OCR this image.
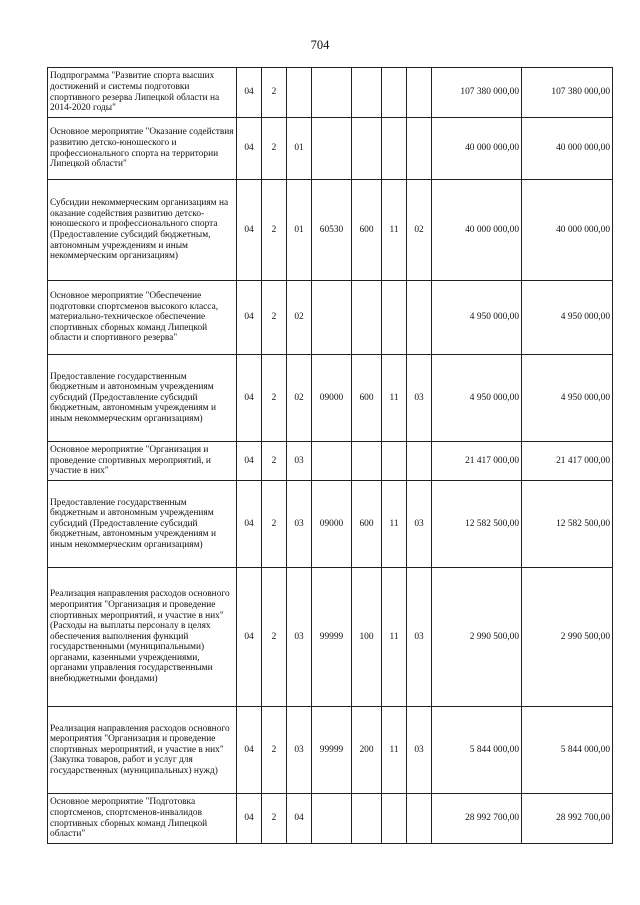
704
Подпрограмма "Развитие спорта высших достижений и системы подготовки спортивного резерва Липецкой области на 2014-2020 годы"	04	2						107 380 000,00	107 380 000,00
Основное мероприятие "Оказание содействия развитию детско-юношеского и профессионального спорта на территории Липецкой области"	04	2	01					40 000 000,00	40 000 000,00
Субсидии некоммерческим организациям на оказание содействия развитию детско-юношеского и профессионального спорта (Предоставление субсидий бюджетным, автономным учреждениям и иным некоммерческим организациям)	04	2	01	60530	600	11	02	40 000 000,00	40 000 000,00
Основное мероприятие "Обеспечение подготовки спортсменов высокого класса, материально-техническое обеспечение спортивных сборных команд Липецкой области и спортивного резерва"	04	2	02					4 950 000,00	4 950 000,00
Предоставление государственным бюджетным и автономным учреждениям субсидий (Предоставление субсидий бюджетным, автономным учреждениям и иным некоммерческим организациям)	04	2	02	09000	600	11	03	4 950 000,00	4 950 000,00
Основное мероприятие "Организация и проведение спортивных мероприятий, и участие в них"	04	2	03					21 417 000,00	21 417 000,00
Предоставление государственным бюджетным и автономным учреждениям субсидий (Предоставление субсидий бюджетным, автономным учреждениям и иным некоммерческим организациям)	04	2	03	09000	600	11	03	12 582 500,00	12 582 500,00
Реализация направления расходов основного мероприятия "Организация и проведение спортивных мероприятий, и участие в них" (Расходы на выплаты персоналу в целях обеспечения выполнения функций государственными (муниципальными) органами, казенными учреждениями, органами управления государственными внебюджетными фондами)	04	2	03	99999	100	11	03	2 990 500,00	2 990 500,00
Реализация направления расходов основного мероприятия "Организация и проведение спортивных мероприятий, и участие в них" (Закупка товаров, работ и услуг для государственных (муниципальных) нужд)	04	2	03	99999	200	11	03	5 844 000,00	5 844 000,00
Основное мероприятие "Подготовка спортсменов, спортсменов-инвалидов спортивных сборных команд Липецкой области"	04	2	04					28 992 700,00	28 992 700,00
